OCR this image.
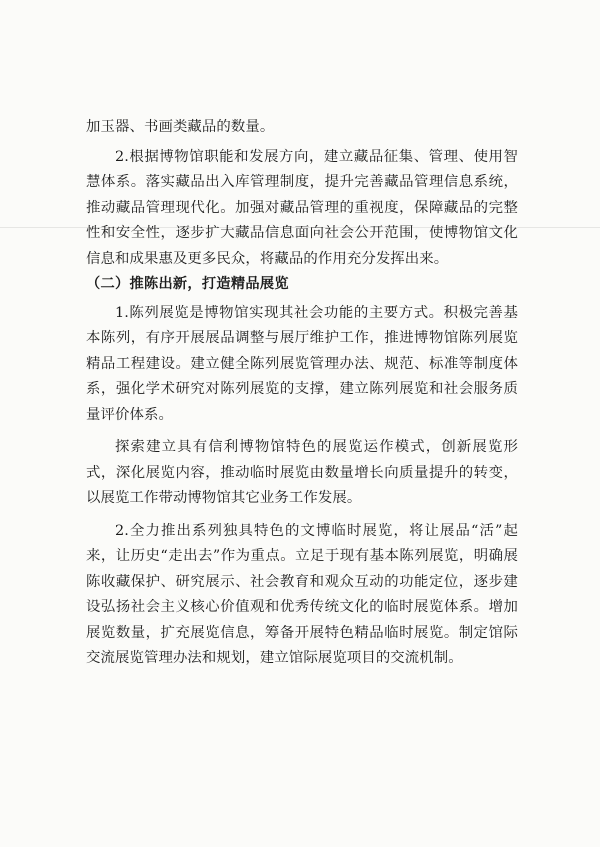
加玉器、书画类藏品的数量。

2.根据博物馆职能和发展方向，建立藏品征集、管理、使用智慧体系。落实藏品出入库管理制度，提升完善藏品管理信息系统，推动藏品管理现代化。加强对藏品管理的重视度，保障藏品的完整性和安全性，逐步扩大藏品信息面向社会公开范围，使博物馆文化信息和成果惠及更多民众，将藏品的作用充分发挥出来。

（二）推陈出新，打造精品展览

1.陈列展览是博物馆实现其社会功能的主要方式。积极完善基本陈列，有序开展展品调整与展厅维护工作，推进博物馆陈列展览精品工程建设。建立健全陈列展览管理办法、规范、标准等制度体系，强化学术研究对陈列展览的支撑，建立陈列展览和社会服务质量评价体系。

探索建立具有信利博物馆特色的展览运作模式，创新展览形式，深化展览内容，推动临时展览由数量增长向质量提升的转变，以展览工作带动博物馆其它业务工作发展。

2.全力推出系列独具特色的文博临时展览，将让展品“活”起来，让历史“走出去”作为重点。立足于现有基本陈列展览，明确展陈收藏保护、研究展示、社会教育和观众互动的功能定位，逐步建设弘扬社会主义核心价值观和优秀传统文化的临时展览体系。增加展览数量，扩充展览信息，筹备开展特色精品临时展览。制定馆际交流展览管理办法和规划，建立馆际展览项目的交流机制。
